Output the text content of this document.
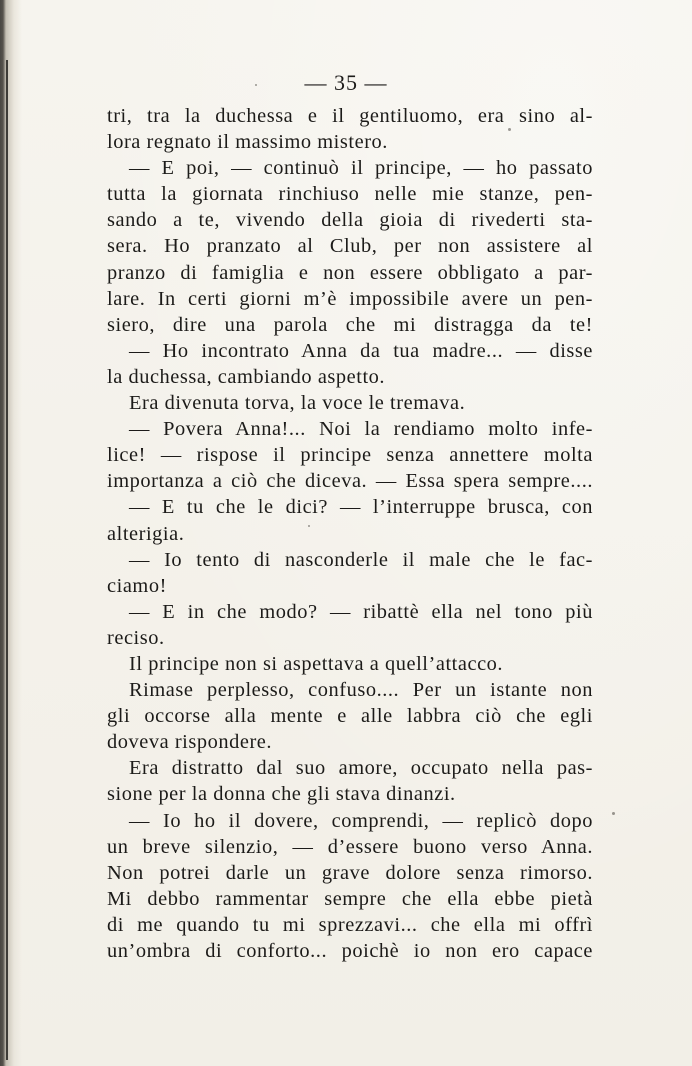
— 35 —
tri, tra la duchessa e il gentiluomo, era sino al-
lora regnato il massimo mistero.
— E poi, — continuò il principe, — ho passato
tutta la giornata rinchiuso nelle mie stanze, pen-
sando a te, vivendo della gioia di rivederti sta-
sera. Ho pranzato al Club, per non assistere al
pranzo di famiglia e non essere obbligato a par-
lare. In certi giorni m’è impossibile avere un pen-
siero, dire una parola che mi distragga da te!
— Ho incontrato Anna da tua madre... — disse
la duchessa, cambiando aspetto.
Era divenuta torva, la voce le tremava.
— Povera Anna!... Noi la rendiamo molto infe-
lice! — rispose il principe senza annettere molta
importanza a ciò che diceva. — Essa spera sempre....
— E tu che le dici? — l’interruppe brusca, con
alterigia.
— Io tento di nasconderle il male che le fac-
ciamo!
— E in che modo? — ribattè ella nel tono più
reciso.
Il principe non si aspettava a quell’attacco.
Rimase perplesso, confuso.... Per un istante non
gli occorse alla mente e alle labbra ciò che egli
doveva rispondere.
Era distratto dal suo amore, occupato nella pas-
sione per la donna che gli stava dinanzi.
— Io ho il dovere, comprendi, — replicò dopo
un breve silenzio, — d’essere buono verso Anna.
Non potrei darle un grave dolore senza rimorso.
Mi debbo rammentar sempre che ella ebbe pietà
di me quando tu mi sprezzavi... che ella mi offrì
un’ombra di conforto... poichè io non ero capace
